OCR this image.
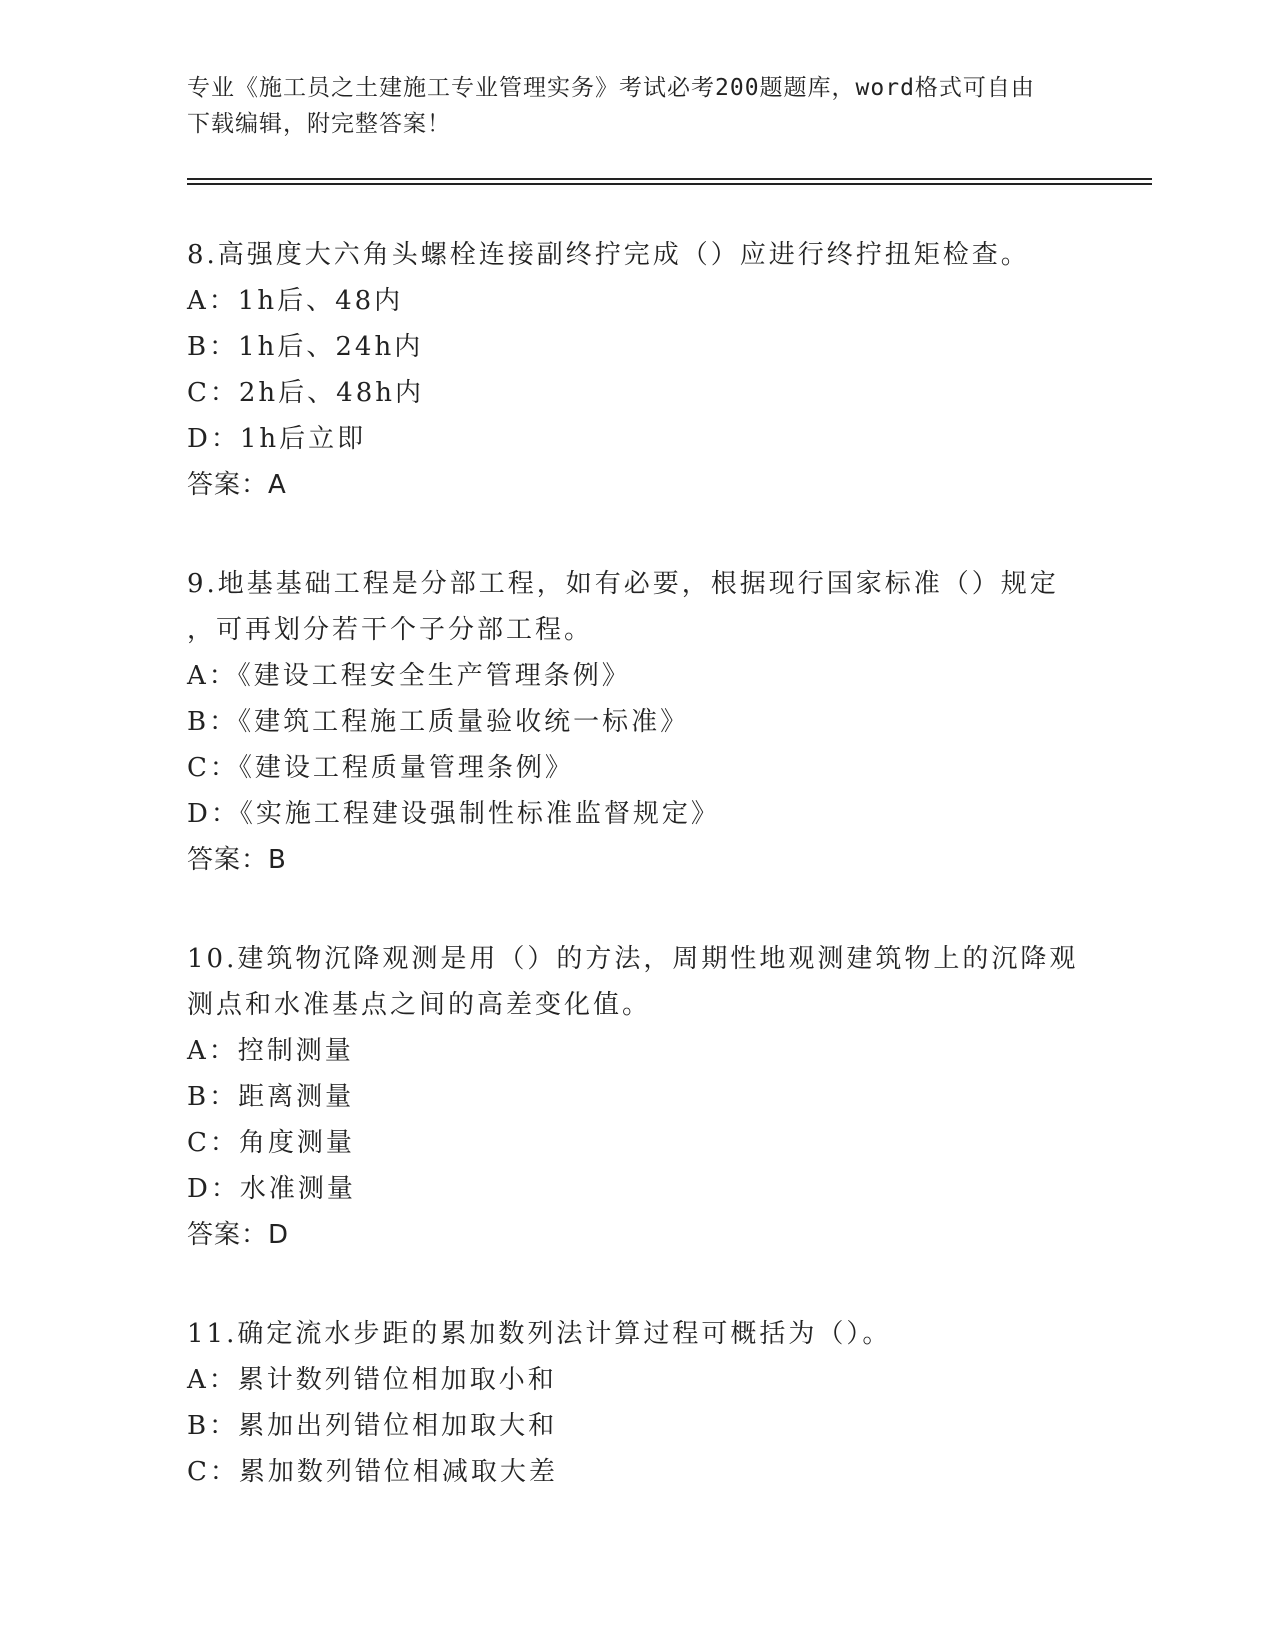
专业《施工员之土建施工专业管理实务》考试必考200题题库，word格式可自由
下载编辑，附完整答案！
8.高强度大六角头螺栓连接副终拧完成（）应进行终拧扭矩检查。
A：1h后、48内
B：1h后、24h内
C：2h后、48h内
D：1h后立即
答案：A
9.地基基础工程是分部工程，如有必要，根据现行国家标准（）规定
，可再划分若干个子分部工程。
A：《建设工程安全生产管理条例》
B：《建筑工程施工质量验收统一标准》
C：《建设工程质量管理条例》
D：《实施工程建设强制性标准监督规定》
答案：B
10.建筑物沉降观测是用（）的方法，周期性地观测建筑物上的沉降观
测点和水准基点之间的高差变化值。
A：控制测量
B：距离测量
C：角度测量
D：水准测量
答案：D
11.确定流水步距的累加数列法计算过程可概括为（）。
A：累计数列错位相加取小和
B：累加出列错位相加取大和
C：累加数列错位相减取大差
